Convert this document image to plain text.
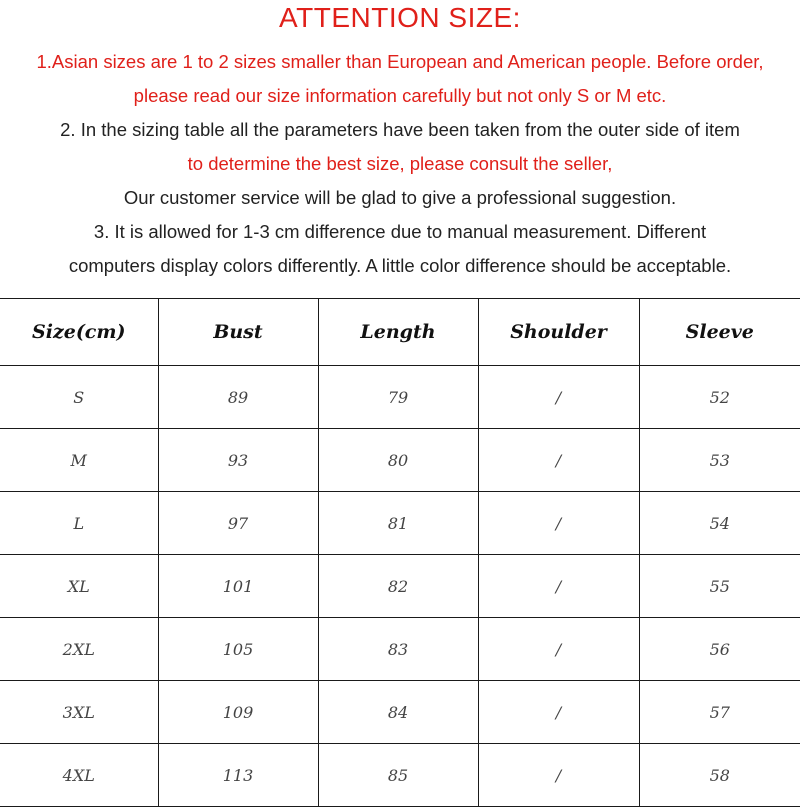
ATTENTION SIZE:
1.Asian sizes are 1 to 2 sizes smaller than European and American people. Before order,
please read our size information carefully but not only S or M etc.
2. In the sizing table all the parameters have been taken from the outer side of item
to determine the best size, please consult the seller,
Our customer service will be glad to give a professional suggestion.
3. It is allowed for 1-3 cm difference due to manual measurement. Different
computers display colors differently. A little color difference should be acceptable.
Size(cm)	Bust	Length	Shoulder	Sleeve
S	89	79	/	52
M	93	80	/	53
L	97	81	/	54
XL	101	82	/	55
2XL	105	83	/	56
3XL	109	84	/	57
4XL	113	85	/	58
